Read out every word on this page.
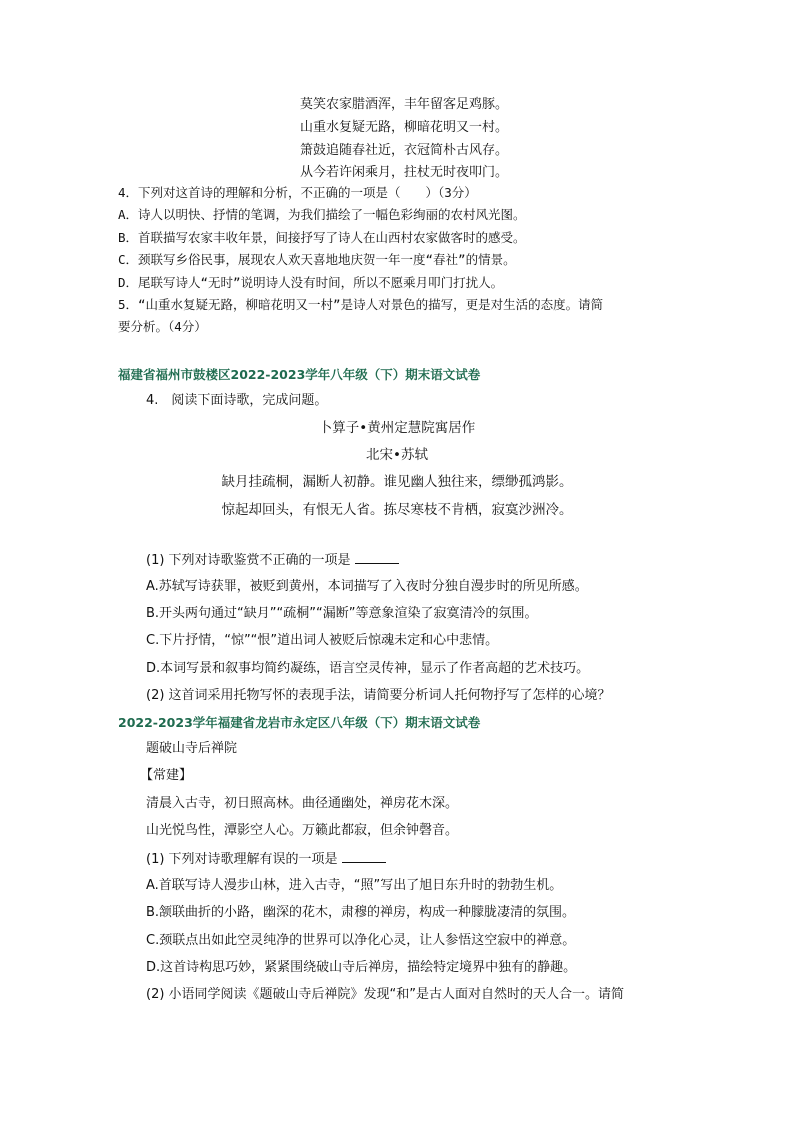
莫笑农家腊酒浑，丰年留客足鸡豚。
山重水复疑无路，柳暗花明又一村。
箫鼓追随春社近，衣冠简朴古风存。
从今若许闲乘月，拄杖无时夜叩门。
4．下列对这首诗的理解和分析，不正确的一项是（　　）（3分）
A．诗人以明快、抒情的笔调，为我们描绘了一幅色彩绚丽的农村风光图。
B．首联描写农家丰收年景，间接抒写了诗人在山西村农家做客时的感受。
C．颈联写乡俗民事，展现农人欢天喜地地庆贺一年一度“春社”的情景。
D．尾联写诗人“无时”说明诗人没有时间，所以不愿乘月叩门打扰人。
5．“山重水复疑无路，柳暗花明又一村”是诗人对景色的描写，更是对生活的态度。请简
要分析。（4分）
福建省福州市鼓楼区2022-2023学年八年级（下）期末语文试卷
4.　阅读下面诗歌，完成问题。
卜算子•黄州定慧院寓居作
北宋•苏轼
缺月挂疏桐，漏断人初静。谁见幽人独往来，缥缈孤鸿影。
惊起却回头，有恨无人省。拣尽寒枝不肯栖，寂寞沙洲冷。
(1) 下列对诗歌鉴赏不正确的一项是
A.苏轼写诗获罪，被贬到黄州，本词描写了入夜时分独自漫步时的所见所感。
B.开头两句通过“缺月”“疏桐”“漏断”等意象渲染了寂寞清冷的氛围。
C.下片抒情，“惊”“恨”道出词人被贬后惊魂未定和心中悲情。
D.本词写景和叙事均简约凝练，语言空灵传神，显示了作者高超的艺术技巧。
(2) 这首词采用托物写怀的表现手法，请简要分析词人托何物抒写了怎样的心境？
2022-2023学年福建省龙岩市永定区八年级（下）期末语文试卷
题破山寺后禅院
【常建】
清晨入古寺，初日照高林。曲径通幽处，禅房花木深。
山光悦鸟性，潭影空人心。万籁此都寂，但余钟磬音。
(1) 下列对诗歌理解有误的一项是
A.首联写诗人漫步山林，进入古寺，“照”写出了旭日东升时的勃勃生机。
B.颔联曲折的小路，幽深的花木，肃穆的禅房，构成一种朦胧凄清的氛围。
C.颈联点出如此空灵纯净的世界可以净化心灵，让人参悟这空寂中的禅意。
D.这首诗构思巧妙，紧紧围绕破山寺后禅房，描绘特定境界中独有的静趣。
(2) 小语同学阅读《题破山寺后禅院》发现“和”是古人面对自然时的天人合一。请简
